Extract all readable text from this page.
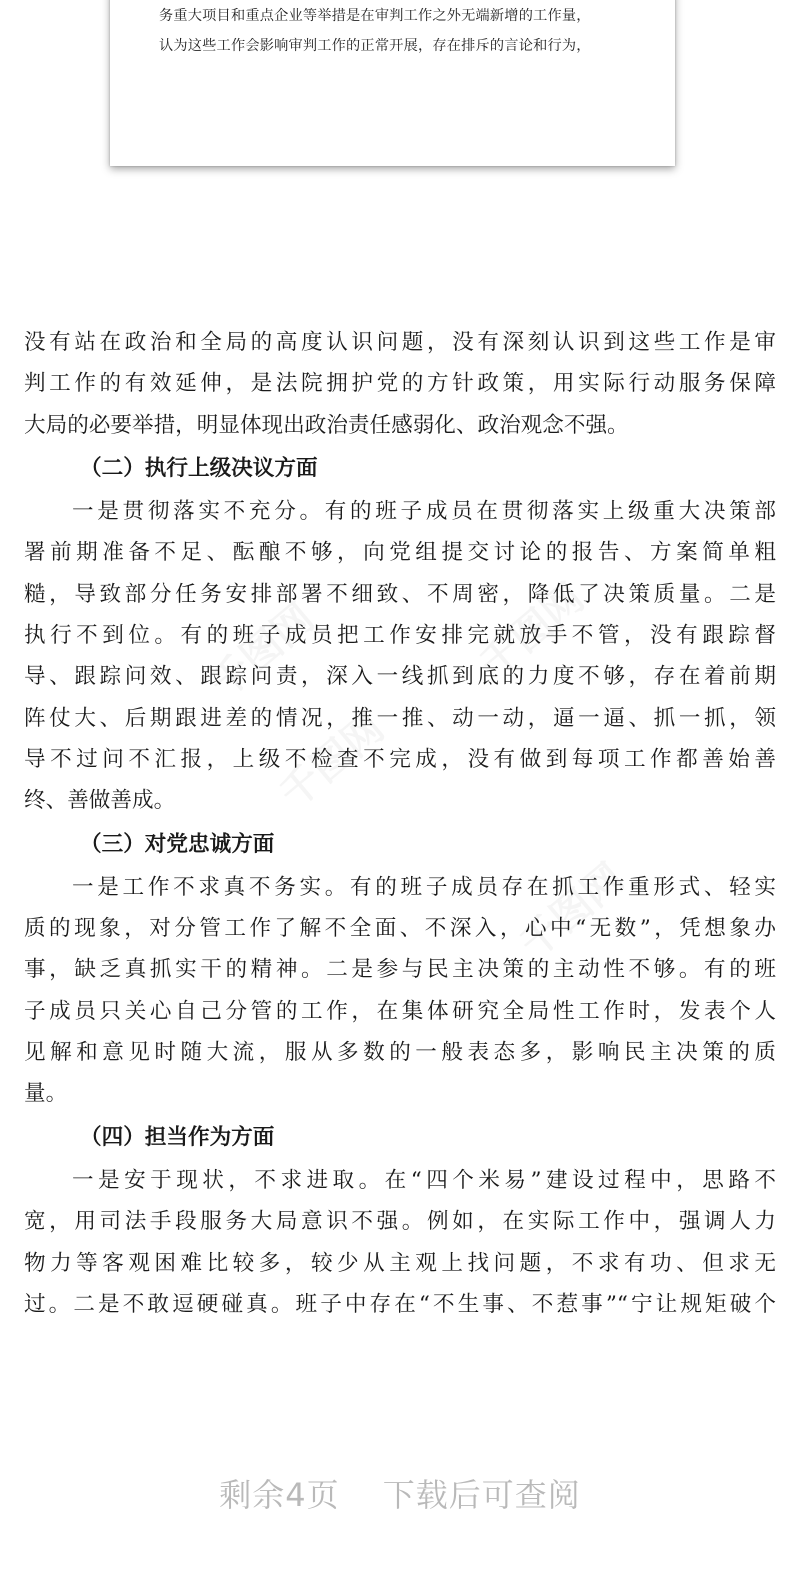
千图网	千图网
千图网
千图网
务重大项目和重点企业等举措是在审判工作之外无端新增的工作量，
认为这些工作会影响审判工作的正常开展，存在排斥的言论和行为，
没有站在政治和全局的高度认识问题，没有深刻认识到这些工作是审
判工作的有效延伸，是法院拥护党的方针政策，用实际行动服务保障
大局的必要举措，明显体现出政治责任感弱化、政治观念不强。
（二）执行上级决议方面
一是贯彻落实不充分。有的班子成员在贯彻落实上级重大决策部
署前期准备不足、酝酿不够，向党组提交讨论的报告、方案简单粗
糙，导致部分任务安排部署不细致、不周密，降低了决策质量。二是
执行不到位。有的班子成员把工作安排完就放手不管，没有跟踪督
导、跟踪问效、跟踪问责，深入一线抓到底的力度不够，存在着前期
阵仗大、后期跟进差的情况，推一推、动一动，逼一逼、抓一抓，领
导不过问不汇报，上级不检查不完成，没有做到每项工作都善始善
终、善做善成。
（三）对党忠诚方面
一是工作不求真不务实。有的班子成员存在抓工作重形式、轻实
质的现象，对分管工作了解不全面、不深入，心中“无数”，凭想象办
事，缺乏真抓实干的精神。二是参与民主决策的主动性不够。有的班
子成员只关心自己分管的工作，在集体研究全局性工作时，发表个人
见解和意见时随大流，服从多数的一般表态多，影响民主决策的质
量。
（四）担当作为方面
一是安于现状，不求进取。在“四个米易”建设过程中，思路不
宽，用司法手段服务大局意识不强。例如，在实际工作中，强调人力
物力等客观困难比较多，较少从主观上找问题，不求有功、但求无
过。二是不敢逗硬碰真。班子中存在“不生事、不惹事”“宁让规矩破个
剩余4页 下载后可查阅
